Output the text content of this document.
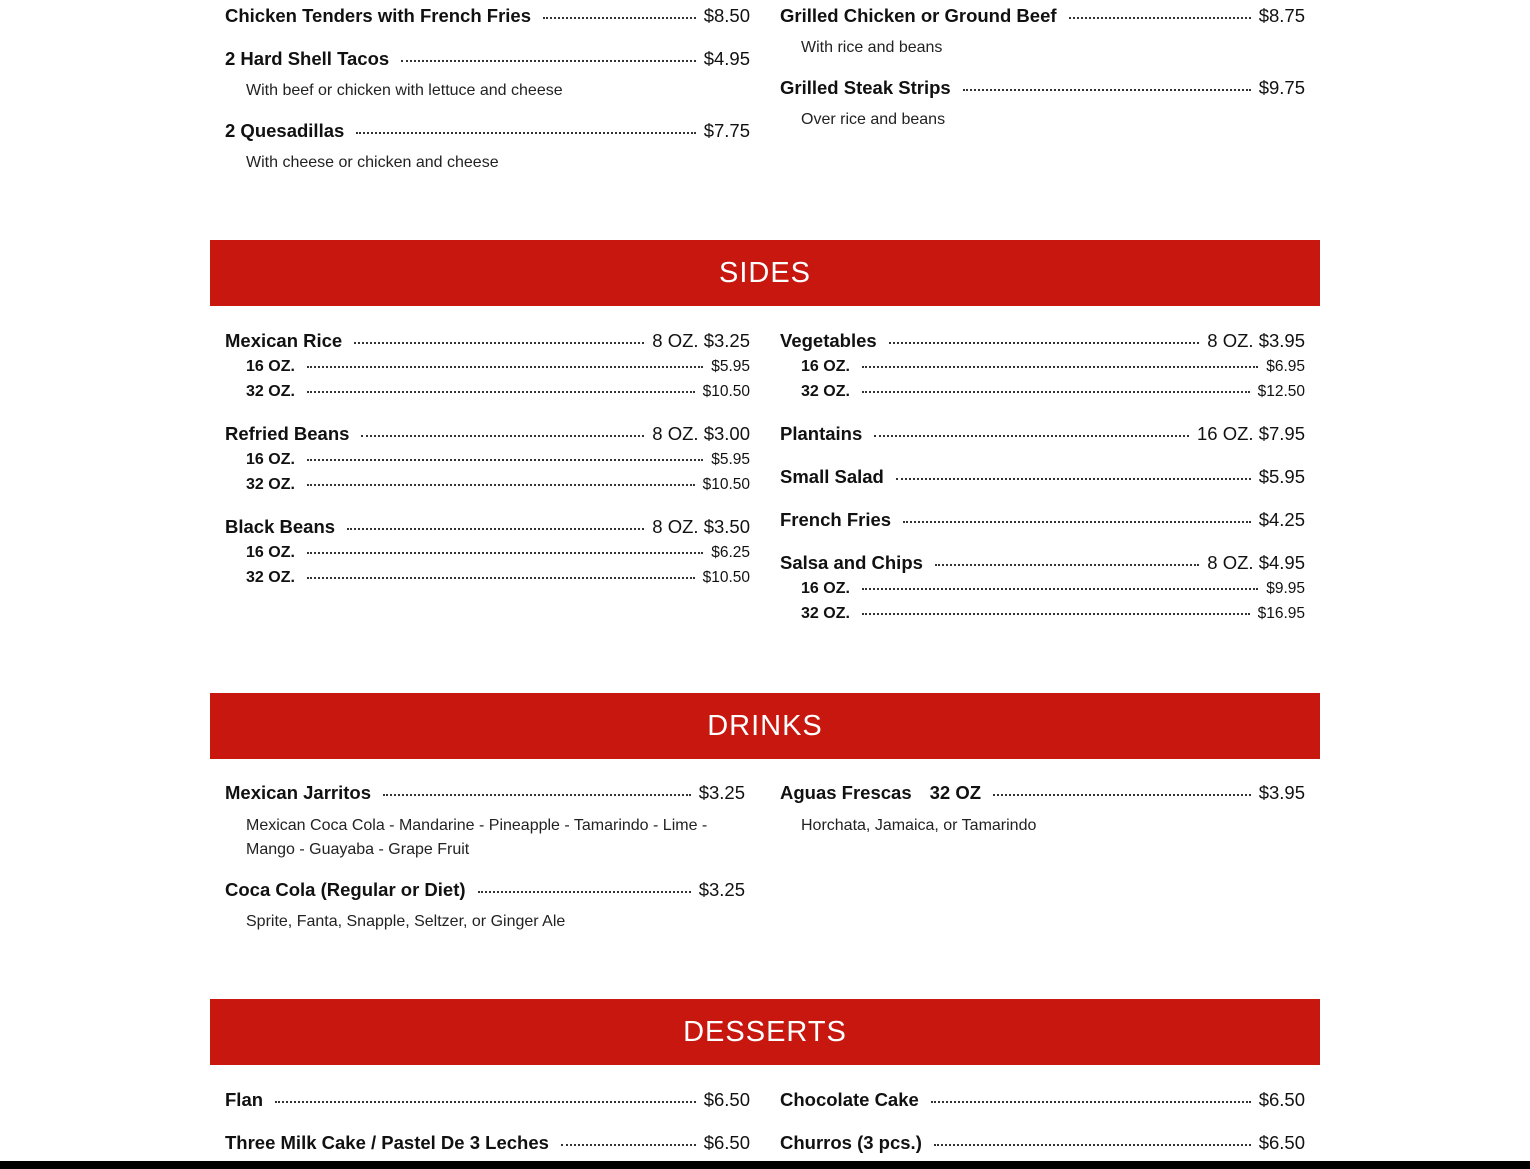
Chicken Tenders with French Fries	$8.50
2 Hard Shell Tacos	$4.95
With beef or chicken with lettuce and cheese
2 Quesadillas	$7.75
With cheese or chicken and cheese
Grilled Chicken or Ground Beef	$8.75
With rice and beans
Grilled Steak Strips	$9.75
Over rice and beans
SIDES
Mexican Rice	8 OZ. $3.25
16 OZ.	$5.95
32 OZ.	$10.50
Refried Beans	8 OZ. $3.00
16 OZ.	$5.95
32 OZ.	$10.50
Black Beans	8 OZ. $3.50
16 OZ.	$6.25
32 OZ.	$10.50
Vegetables	8 OZ. $3.95
16 OZ.	$6.95
32 OZ.	$12.50
Plantains	16 OZ. $7.95
Small Salad	$5.95
French Fries	$4.25
Salsa and Chips	8 OZ. $4.95
16 OZ.	$9.95
32 OZ.	$16.95
DRINKS
Mexican Jarritos	$3.25
Mexican Coca Cola - Mandarine - Pineapple - Tamarindo - Lime - Mango - Guayaba - Grape Fruit
Coca Cola (Regular or Diet)	$3.25
Sprite, Fanta, Snapple, Seltzer, or Ginger Ale
Aguas Frescas 32 OZ	$3.95
Horchata, Jamaica, or Tamarindo
DESSERTS
Flan	$6.50
Three Milk Cake / Pastel De 3 Leches	$6.50
Chocolate Cake	$6.50
Churros (3 pcs.)	$6.50
